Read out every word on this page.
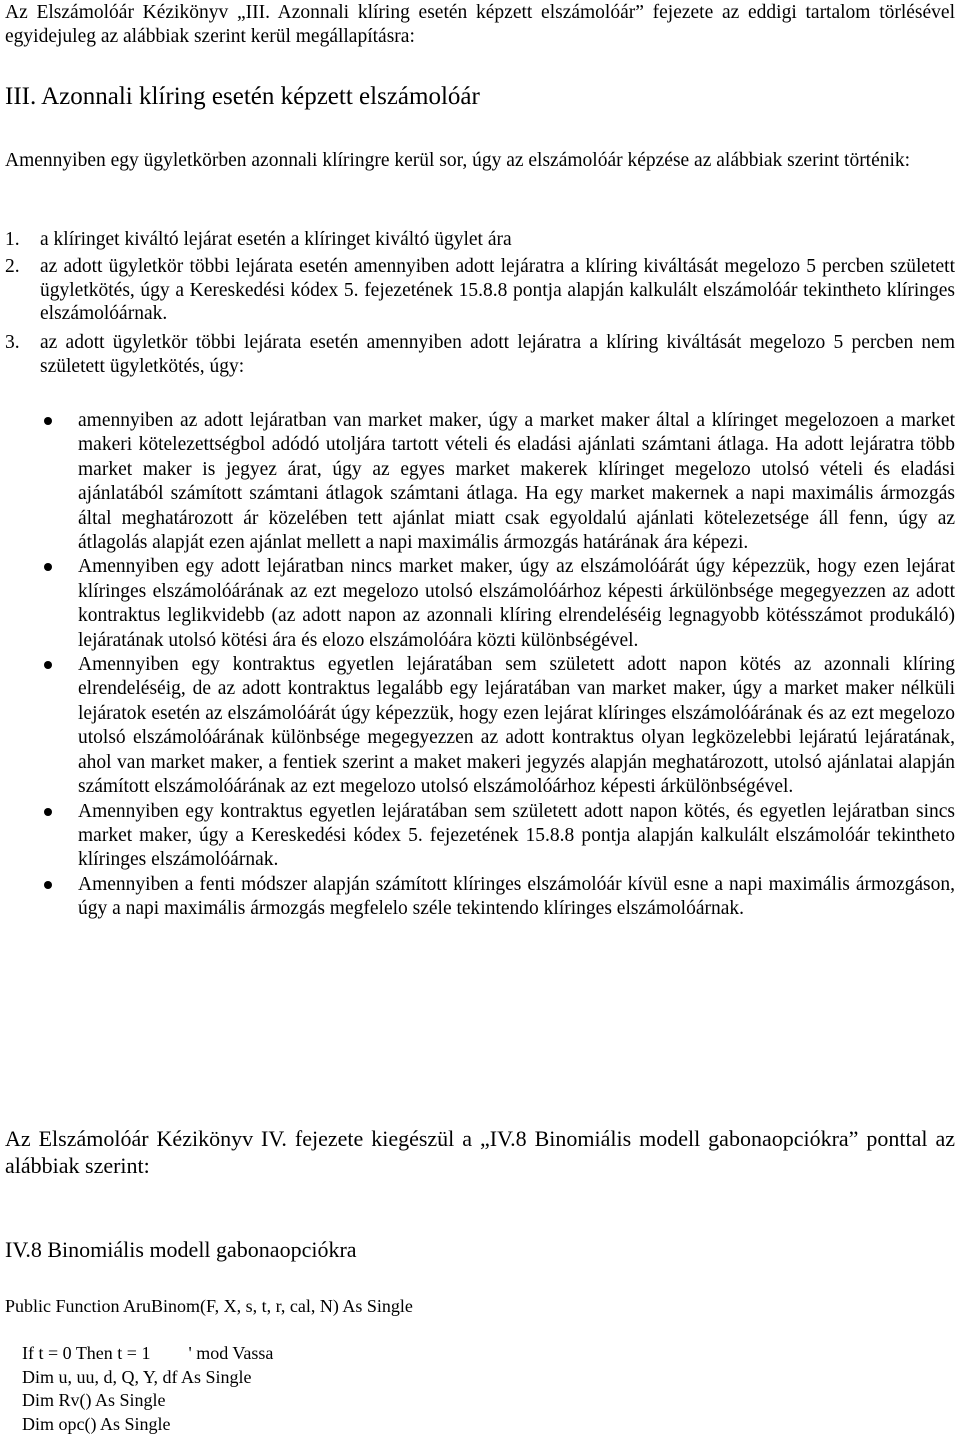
Az Elszámolóár Kézikönyv „III. Azonnali klíring esetén képzett elszámolóár” fejezete az eddigi tartalom törlésével egyidejuleg az alábbiak szerint kerül megállapításra:
III. Azonnali klíring esetén képzett elszámolóár
Amennyiben egy ügyletkörben azonnali klíringre kerül sor, úgy az elszámolóár képzése az alábbiak szerint történik:
1. a klíringet kiváltó lejárat esetén a klíringet kiváltó ügylet ára
2. az adott ügyletkör többi lejárata esetén amennyiben adott lejáratra a klíring kiváltását megelozo 5 percben született ügyletkötés, úgy a Kereskedési kódex 5. fejezetének 15.8.8 pontja alapján kalkulált elszámolóár tekintheto klíringes elszámolóárnak.
3. az adott ügyletkör többi lejárata esetén amennyiben adott lejáratra a klíring kiváltását megelozo 5 percben nem született ügyletkötés, úgy:
amennyiben az adott lejáratban van market maker, úgy a market maker által a klíringet megelozoen a market makeri kötelezettségbol adódó utoljára tartott vételi és eladási ajánlati számtani átlaga. Ha adott lejáratra több market maker is jegyez árat, úgy az egyes market makerek klíringet megelozo utolsó vételi és eladási ajánlatából számított számtani átlagok számtani átlaga. Ha egy market makernek a napi maximális ármozgás által meghatározott ár közelében tett ajánlat miatt csak egyoldalú ajánlati kötelezetsége áll fenn, úgy az átlagolás alapját ezen ajánlat mellett a napi maximális ármozgás határának ára képezi.
Amennyiben egy adott lejáratban nincs market maker, úgy az elszámolóárát úgy képezzük, hogy ezen lejárat klíringes elszámolóárának az ezt megelozo utolsó elszámolóárhoz képesti árkülönbsége megegyezzen az adott kontraktus leglikvidebb (az adott napon az azonnali klíring elrendeléséig legnagyobb kötésszámot produkáló) lejáratának utolsó kötési ára és elozo elszámolóára közti különbségével.
Amennyiben egy kontraktus egyetlen lejáratában sem született adott napon kötés az azonnali klíring elrendeléséig, de az adott kontraktus legalább egy lejáratában van market maker, úgy a market maker nélküli lejáratok esetén az elszámolóárát úgy képezzük, hogy ezen lejárat klíringes elszámolóárának és az ezt megelozo utolsó elszámolóárának különbsége megegyezzen az adott kontraktus olyan legközelebbi lejáratú lejáratának, ahol van market maker, a fentiek szerint a maket makeri jegyzés alapján meghatározott, utolsó ajánlatai alapján számított elszámolóárának az ezt megelozo utolsó elszámolóárhoz képesti árkülönbségével.
Amennyiben egy kontraktus egyetlen lejáratában sem született adott napon kötés, és egyetlen lejáratban sincs market maker, úgy a Kereskedési kódex 5. fejezetének 15.8.8 pontja alapján kalkulált elszámolóár tekintheto klíringes elszámolóárnak.
Amennyiben a fenti módszer alapján számított klíringes elszámolóár kívül esne a napi maximális ármozgáson, úgy a napi maximális ármozgás megfelelo széle tekintendo klíringes elszámolóárnak.
Az Elszámolóár Kézikönyv IV. fejezete kiegészül a „IV.8 Binomiális modell gabonaopciókra” ponttal az alábbiak szerint:
IV.8 Binomiális modell gabonaopciókra
Public Function AruBinom(F, X, s, t, r, cal, N) As Single
If t = 0 Then t = 1 ' mod Vassa
Dim u, uu, d, Q, Y, df As Single
Dim Rv() As Single
Dim opc() As Single
